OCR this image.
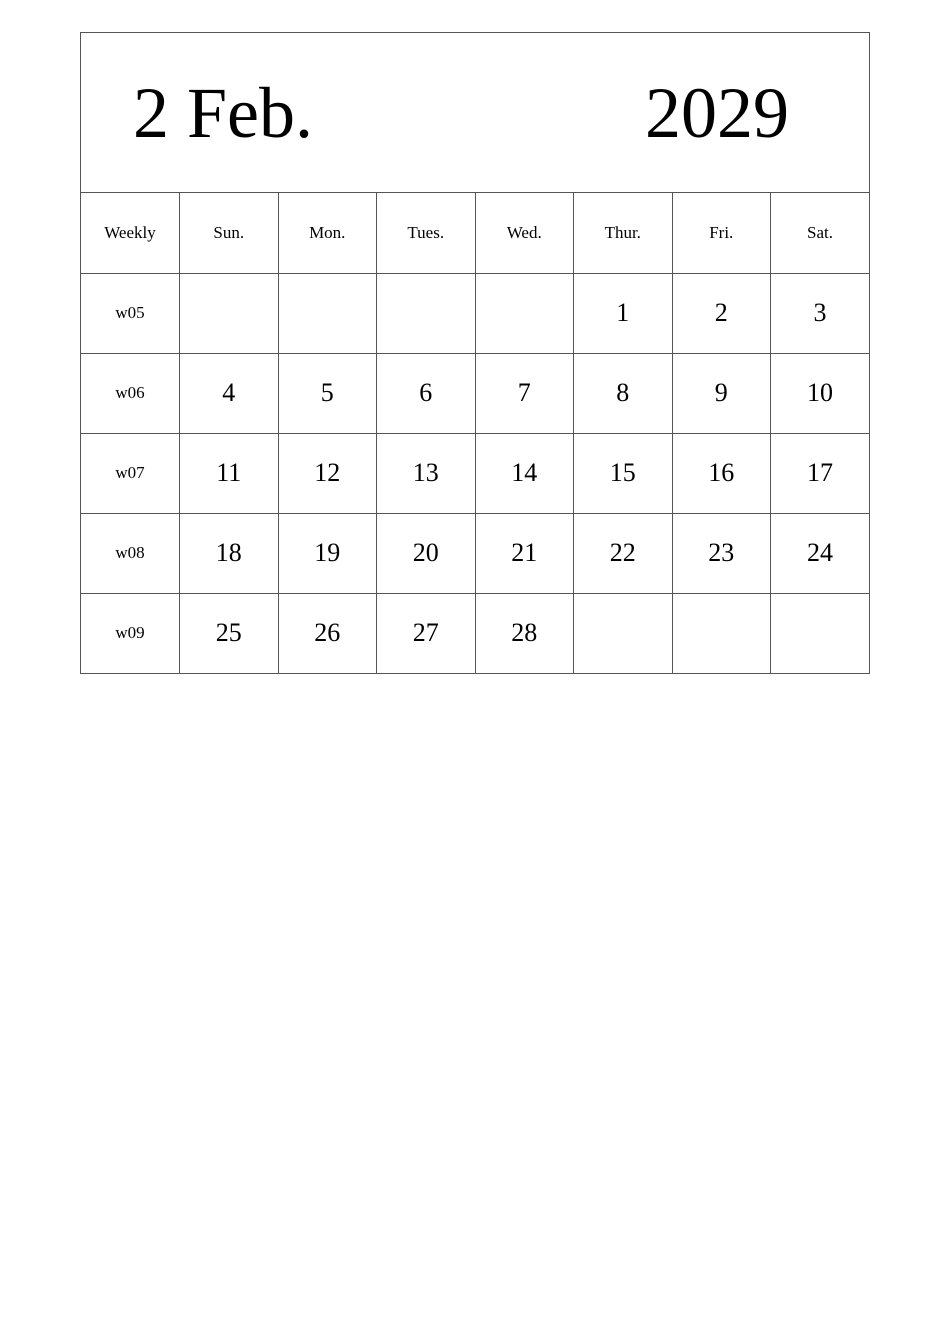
2 Feb.	2029
Weekly	Sun.	Mon.	Tues.	Wed.	Thur.	Fri.	Sat.
w05					1	2	3
w06	4	5	6	7	8	9	10
w07	11	12	13	14	15	16	17
w08	18	19	20	21	22	23	24
w09	25	26	27	28			
